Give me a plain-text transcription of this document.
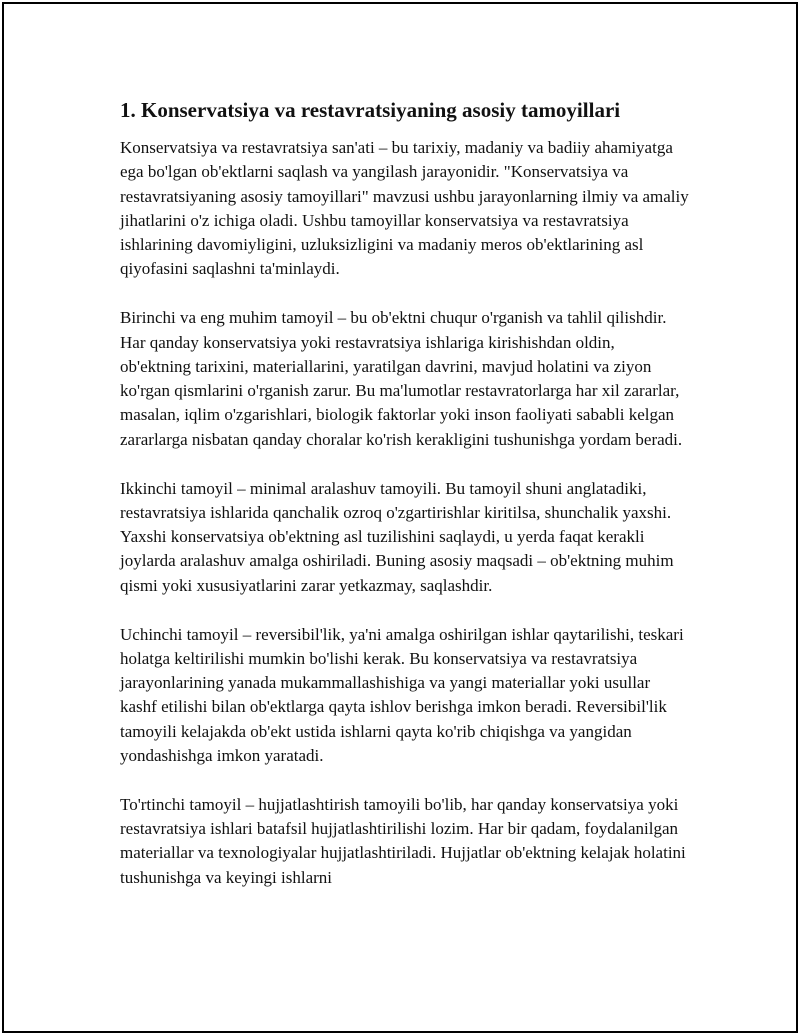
1. Konservatsiya va restavratsiyaning asosiy tamoyillari

Konservatsiya va restavratsiya san'ati – bu tarixiy, madaniy va badiiy ahamiyatga ega bo'lgan ob'ektlarni saqlash va yangilash jarayonidir. "Konservatsiya va restavratsiyaning asosiy tamoyillari" mavzusi ushbu jarayonlarning ilmiy va amaliy jihatlarini o'z ichiga oladi. Ushbu tamoyillar konservatsiya va restavratsiya ishlarining davomiyligini, uzluksizligini va madaniy meros ob'ektlarining asl qiyofasini saqlashni ta'minlaydi.

Birinchi va eng muhim tamoyil – bu ob'ektni chuqur o'rganish va tahlil qilishdir. Har qanday konservatsiya yoki restavratsiya ishlariga kirishishdan oldin, ob'ektning tarixini, materiallarini, yaratilgan davrini, mavjud holatini va ziyon ko'rgan qismlarini o'rganish zarur. Bu ma'lumotlar restavratorlarga har xil zararlar, masalan, iqlim o'zgarishlari, biologik faktorlar yoki inson faoliyati sababli kelgan zararlarga nisbatan qanday choralar ko'rish kerakligini tushunishga yordam beradi.

Ikkinchi tamoyil – minimal aralashuv tamoyili. Bu tamoyil shuni anglatadiki, restavratsiya ishlarida qanchalik ozroq o'zgartirishlar kiritilsa, shunchalik yaxshi. Yaxshi konservatsiya ob'ektning asl tuzilishini saqlaydi, u yerda faqat kerakli joylarda aralashuv amalga oshiriladi. Buning asosiy maqsadi – ob'ektning muhim qismi yoki xususiyatlarini zarar yetkazmay, saqlashdir.

Uchinchi tamoyil – reversibil'lik, ya'ni amalga oshirilgan ishlar qaytarilishi, teskari holatga keltirilishi mumkin bo'lishi kerak. Bu konservatsiya va restavratsiya jarayonlarining yanada mukammallashishiga va yangi materiallar yoki usullar kashf etilishi bilan ob'ektlarga qayta ishlov berishga imkon beradi. Reversibil'lik tamoyili kelajakda ob'ekt ustida ishlarni qayta ko'rib chiqishga va yangidan yondashishga imkon yaratadi.

To'rtinchi tamoyil – hujjatlashtirish tamoyili bo'lib, har qanday konservatsiya yoki restavratsiya ishlari batafsil hujjatlashtirilishi lozim. Har bir qadam, foydalanilgan materiallar va texnologiyalar hujjatlashtiriladi. Hujjatlar ob'ektning kelajak holatini tushunishga va keyingi ishlarni
